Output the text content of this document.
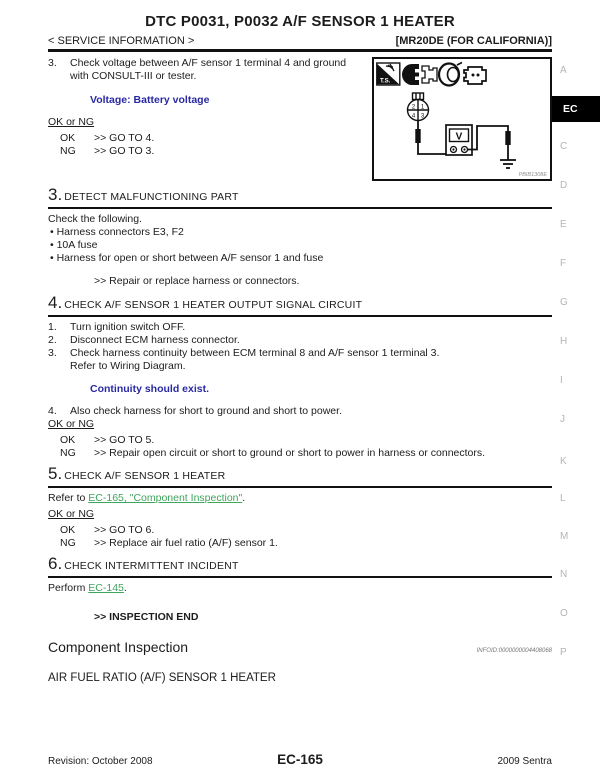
A
EC
C
D
E
F
G
H
I
J
K
L
M
N
O
P
DTC P0031, P0032 A/F SENSOR 1 HEATER
< SERVICE INFORMATION >	[MR20DE (FOR CALIFORNIA)]
3.	Check voltage between A/F sensor 1 terminal 4 and ground with CONSULT-III or tester.
Voltage: Battery voltage
OK or NG
OK	>> GO TO 4.
NG	>> GO TO 3.
T.S.
2 1
4 3
V
PBIB1308E
3. DETECT MALFUNCTIONING PART
Check the following.
• Harness connectors E3, F2
• 10A fuse
• Harness for open or short between A/F sensor 1 and fuse
>> Repair or replace harness or connectors.
4. CHECK A/F SENSOR 1 HEATER OUTPUT SIGNAL CIRCUIT
1.	Turn ignition switch OFF.
2.	Disconnect ECM harness connector.
3.	Check harness continuity between ECM terminal 8 and A/F sensor 1 terminal 3.
Refer to Wiring Diagram.
Continuity should exist.
4.	Also check harness for short to ground and short to power.
OK or NG
OK	>> GO TO 5.
NG	>> Repair open circuit or short to ground or short to power in harness or connectors.
5. CHECK A/F SENSOR 1 HEATER
Refer to EC-165, "Component Inspection".
OK or NG
OK	>> GO TO 6.
NG	>> Replace air fuel ratio (A/F) sensor 1.
6. CHECK INTERMITTENT INCIDENT
Perform EC-145.
>> INSPECTION END
Component Inspection	INFOID:0000000004408068
AIR FUEL RATIO (A/F) SENSOR 1 HEATER
Revision: October 2008	EC-165	2009 Sentra
